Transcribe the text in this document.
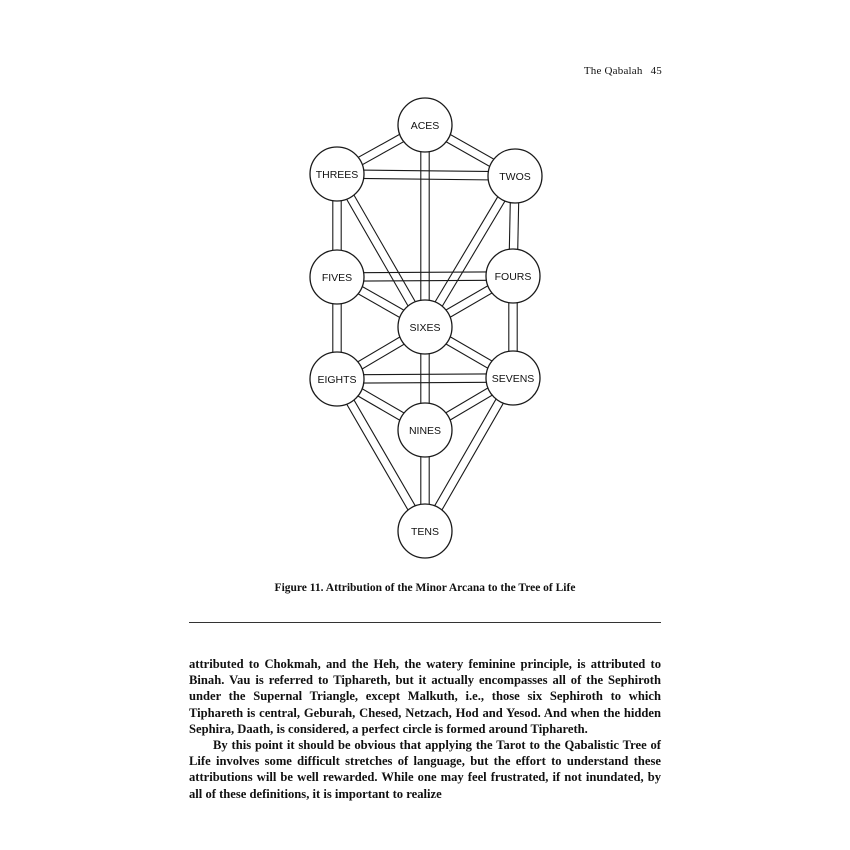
The Qabalah 45
ACES
TWOS
THREES
FOURS
FIVES
SIXES
SEVENS
EIGHTS
NINES
TENS
Figure 11. Attribution of the Minor Arcana to the Tree of Life

attributed to Chokmah, and the Heh, the watery feminine principle, is attributed to Binah. Vau is referred to Tiphareth, but it actually encompasses all of the Sephiroth under the Supernal Triangle, except Malkuth, i.e., those six Sephiroth to which Tiphareth is central, Geburah, Chesed, Netzach, Hod and Yesod. And when the hidden Sephira, Daath, is considered, a perfect circle is formed around Tiphareth.

By this point it should be obvious that applying the Tarot to the Qabalistic Tree of Life involves some difficult stretches of language, but the effort to understand these attributions will be well rewarded. While one may feel frustrated, if not inundated, by all of these definitions, it is important to realize
